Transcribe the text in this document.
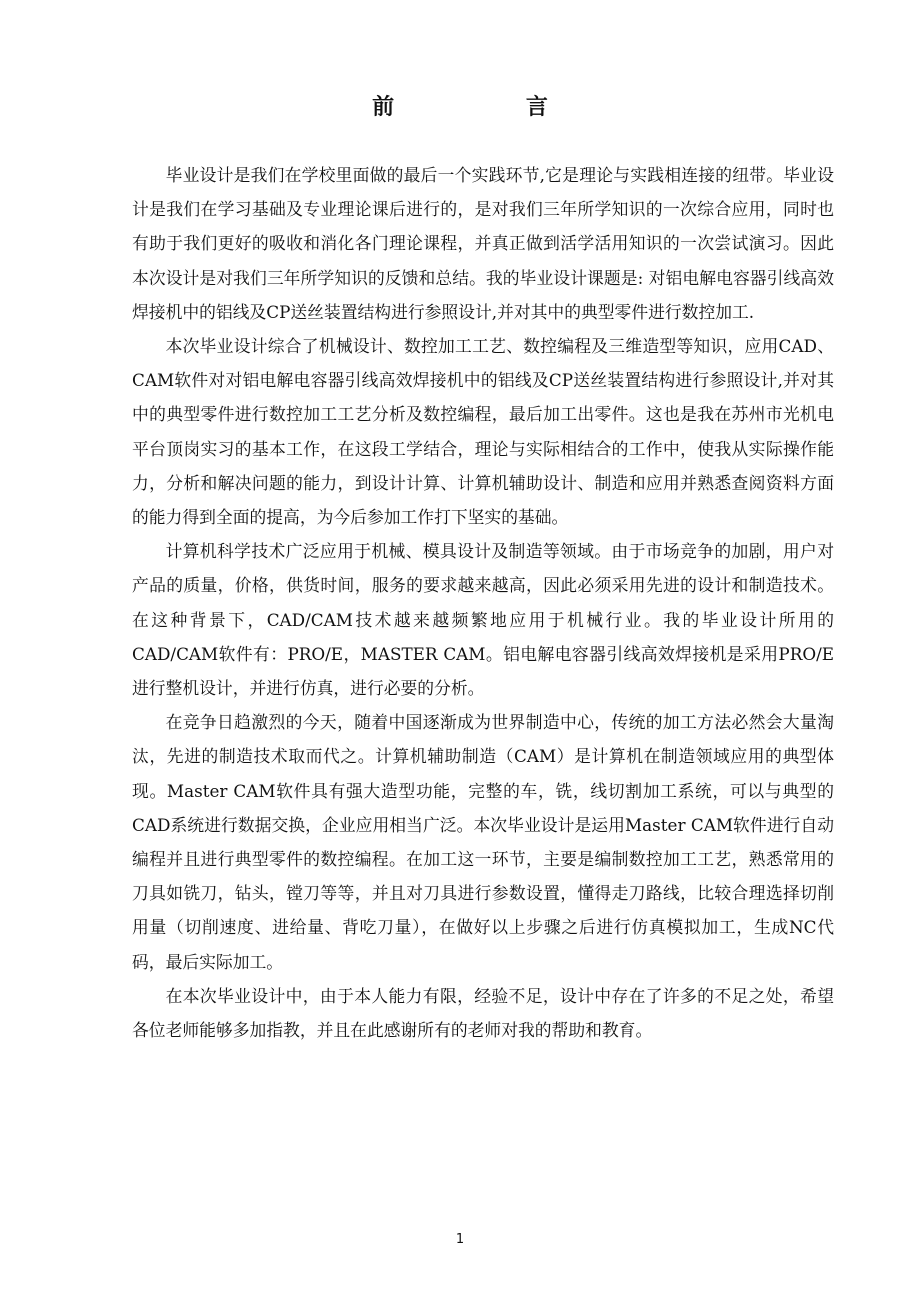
前 言

毕业设计是我们在学校里面做的最后一个实践环节,它是理论与实践相连接的纽带。毕业设计是我们在学习基础及专业理论课后进行的，是对我们三年所学知识的一次综合应用，同时也有助于我们更好的吸收和消化各门理论课程，并真正做到活学活用知识的一次尝试演习。因此本次设计是对我们三年所学知识的反馈和总结。我的毕业设计课题是: 对铝电解电容器引线高效焊接机中的铝线及CP送丝装置结构进行参照设计,并对其中的典型零件进行数控加工.

本次毕业设计综合了机械设计、数控加工工艺、数控编程及三维造型等知识，应用CAD、CAM软件对对铝电解电容器引线高效焊接机中的铝线及CP送丝装置结构进行参照设计,并对其中的典型零件进行数控加工工艺分析及数控编程，最后加工出零件。这也是我在苏州市光机电平台顶岗实习的基本工作，在这段工学结合，理论与实际相结合的工作中，使我从实际操作能力，分析和解决问题的能力，到设计计算、计算机辅助设计、制造和应用并熟悉查阅资料方面的能力得到全面的提高，为今后参加工作打下坚实的基础。

计算机科学技术广泛应用于机械、模具设计及制造等领域。由于市场竞争的加剧，用户对产品的质量，价格，供货时间，服务的要求越来越高，因此必须采用先进的设计和制造技术。在这种背景下，CAD/CAM技术越来越频繁地应用于机械行业。我的毕业设计所用的CAD/CAM软件有：PRO/E，MASTER CAM。铝电解电容器引线高效焊接机是采用PRO/E进行整机设计，并进行仿真，进行必要的分析。

在竞争日趋激烈的今天，随着中国逐渐成为世界制造中心，传统的加工方法必然会大量淘汰，先进的制造技术取而代之。计算机辅助制造（CAM）是计算机在制造领域应用的典型体现。Master CAM软件具有强大造型功能，完整的车，铣，线切割加工系统，可以与典型的CAD系统进行数据交换，企业应用相当广泛。本次毕业设计是运用Master CAM软件进行自动编程并且进行典型零件的数控编程。在加工这一环节，主要是编制数控加工工艺，熟悉常用的刀具如铣刀，钻头，镗刀等等，并且对刀具进行参数设置，懂得走刀路线，比较合理选择切削用量（切削速度、进给量、背吃刀量），在做好以上步骤之后进行仿真模拟加工，生成NC代码，最后实际加工。

在本次毕业设计中，由于本人能力有限，经验不足，设计中存在了许多的不足之处，希望各位老师能够多加指教，并且在此感谢所有的老师对我的帮助和教育。

1
